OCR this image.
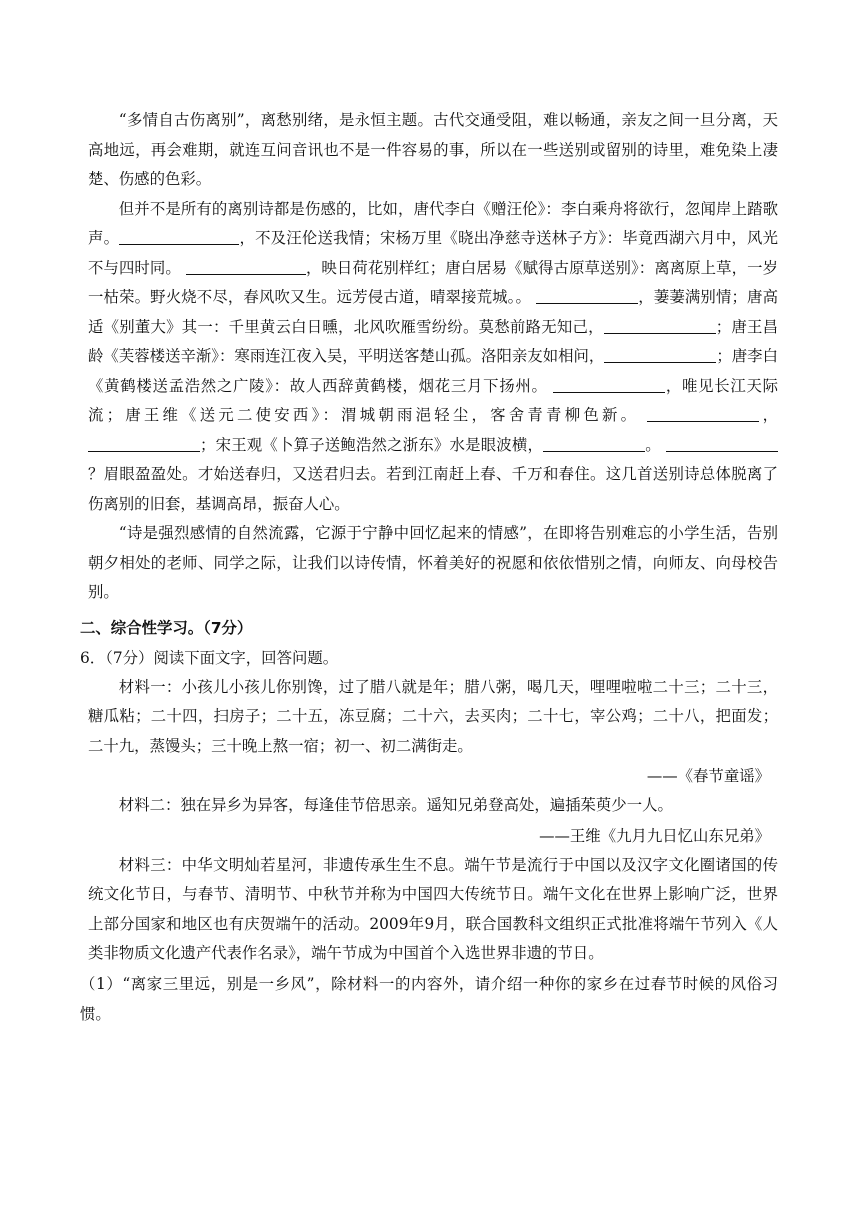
“多情自古伤离别”，离愁别绪，是永恒主题。古代交通受阻，难以畅通，亲友之间一旦分离，天高地远，再会难期，就连互问音讯也不是一件容易的事，所以在一些送别或留别的诗里，难免染上凄楚、伤感的色彩。

但并不是所有的离别诗都是伤感的，比如，唐代李白《赠汪伦》：李白乘舟将欲行，忽闻岸上踏歌声。	，不及汪伦送我情；宋杨万里《晓出净慈寺送林子方》：毕竟西湖六月中，风光不与四时同。	，映日荷花别样红；唐白居易《赋得古原草送别》：离离原上草，一岁一枯荣。野火烧不尽，春风吹又生。远芳侵古道，晴翠接荒城。。	，萋萋满别情；唐高适《别董大》其一：千里黄云白日曛，北风吹雁雪纷纷。莫愁前路无知己，	；唐王昌龄《芙蓉楼送辛渐》：寒雨连江夜入吴，平明送客楚山孤。洛阳亲友如相问，	；唐李白《黄鹤楼送孟浩然之广陵》：故人西辞黄鹤楼，烟花三月下扬州。	，唯见长江天际流；唐王维《送元二使安西》：渭城朝雨浥轻尘，客舍青青柳色新。	，；宋王观《卜算子送鲍浩然之浙东》水是眼波横，	。 ？眉眼盈盈处。才始送春归，又送君归去。若到江南赶上春、千万和春住。这几首送别诗总体脱离了伤离别的旧套，基调高昂，振奋人心。

“诗是强烈感情的自然流露，它源于宁静中回忆起来的情感”，在即将告别难忘的小学生活，告别朝夕相处的老师、同学之际，让我们以诗传情，怀着美好的祝愿和依依惜别之情，向师友、向母校告别。

二、综合性学习。（7分）

6．（7分）阅读下面文字，回答问题。

材料一：小孩儿小孩儿你别馋，过了腊八就是年；腊八粥，喝几天，哩哩啦啦二十三；二十三，糖瓜粘；二十四，扫房子；二十五，冻豆腐；二十六，去买肉；二十七，宰公鸡；二十八，把面发；二十九，蒸馒头；三十晚上熬一宿；初一、初二满街走。

——《春节童谣》

材料二：独在异乡为异客，每逢佳节倍思亲。遥知兄弟登高处，遍插茱萸少一人。

——王维《九月九日忆山东兄弟》

材料三：中华文明灿若星河，非遗传承生生不息。端午节是流行于中国以及汉字文化圈诸国的传统文化节日，与春节、清明节、中秋节并称为中国四大传统节日。端午文化在世界上影响广泛，世界上部分国家和地区也有庆贺端午的活动。2009年9月，联合国教科文组织正式批准将端午节列入《人类非物质文化遗产代表作名录》，端午节成为中国首个入选世界非遗的节日。

（1）“离家三里远，别是一乡风”，除材料一的内容外，请介绍一种你的家乡在过春节时候的风俗习惯。
